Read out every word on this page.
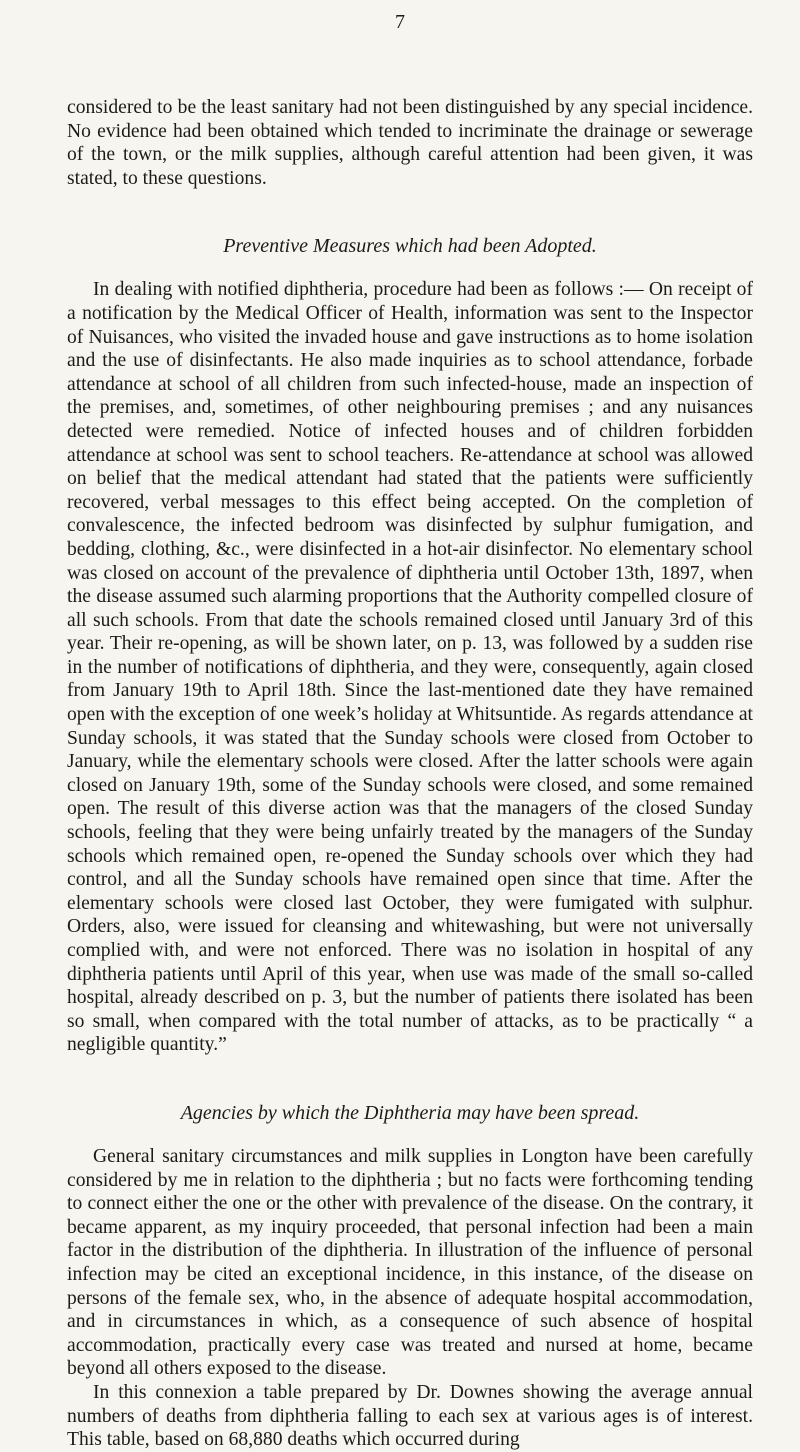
7

considered to be the least sanitary had not been distinguished by any special incidence. No evidence had been obtained which tended to incriminate the drainage or sewerage of the town, or the milk supplies, although careful attention had been given, it was stated, to these questions.

Preventive Measures which had been Adopted.

In dealing with notified diphtheria, procedure had been as follows :— On receipt of a notification by the Medical Officer of Health, information was sent to the Inspector of Nuisances, who visited the invaded house and gave instructions as to home isolation and the use of disinfectants. He also made inquiries as to school attendance, forbade attendance at school of all children from such infected-house, made an inspection of the premises, and, sometimes, of other neighbouring premises ; and any nuisances detected were remedied. Notice of infected houses and of children forbidden attendance at school was sent to school teachers. Re-attendance at school was allowed on belief that the medical attendant had stated that the patients were sufficiently recovered, verbal messages to this effect being accepted. On the completion of convalescence, the infected bedroom was disinfected by sulphur fumigation, and bedding, clothing, &c., were disinfected in a hot-air disinfector. No elementary school was closed on account of the prevalence of diphtheria until October 13th, 1897, when the disease assumed such alarming proportions that the Authority compelled closure of all such schools. From that date the schools remained closed until January 3rd of this year. Their re-opening, as will be shown later, on p. 13, was followed by a sudden rise in the number of notifications of diphtheria, and they were, consequently, again closed from January 19th to April 18th. Since the last-mentioned date they have remained open with the exception of one week’s holiday at Whitsuntide. As regards attendance at Sunday schools, it was stated that the Sunday schools were closed from October to January, while the elementary schools were closed. After the latter schools were again closed on January 19th, some of the Sunday schools were closed, and some remained open. The result of this diverse action was that the managers of the closed Sunday schools, feeling that they were being unfairly treated by the managers of the Sunday schools which remained open, re-opened the Sunday schools over which they had control, and all the Sunday schools have remained open since that time. After the elementary schools were closed last October, they were fumigated with sulphur. Orders, also, were issued for cleansing and whitewashing, but were not universally complied with, and were not enforced. There was no isolation in hospital of any diphtheria patients until April of this year, when use was made of the small so-called hospital, already described on p. 3, but the number of patients there isolated has been so small, when compared with the total number of attacks, as to be practically “ a negligible quantity.”

Agencies by which the Diphtheria may have been spread.

General sanitary circumstances and milk supplies in Longton have been carefully considered by me in relation to the diphtheria ; but no facts were forthcoming tending to connect either the one or the other with prevalence of the disease. On the contrary, it became apparent, as my inquiry proceeded, that personal infection had been a main factor in the distribution of the diphtheria. In illustration of the influence of personal infection may be cited an exceptional incidence, in this instance, of the disease on persons of the female sex, who, in the absence of adequate hospital accommodation, and in circumstances in which, as a consequence of such absence of hospital accommodation, practically every case was treated and nursed at home, became beyond all others exposed to the disease.

In this connexion a table prepared by Dr. Downes showing the average annual numbers of deaths from diphtheria falling to each sex at various ages is of interest. This table, based on 68,880 deaths which occurred during
